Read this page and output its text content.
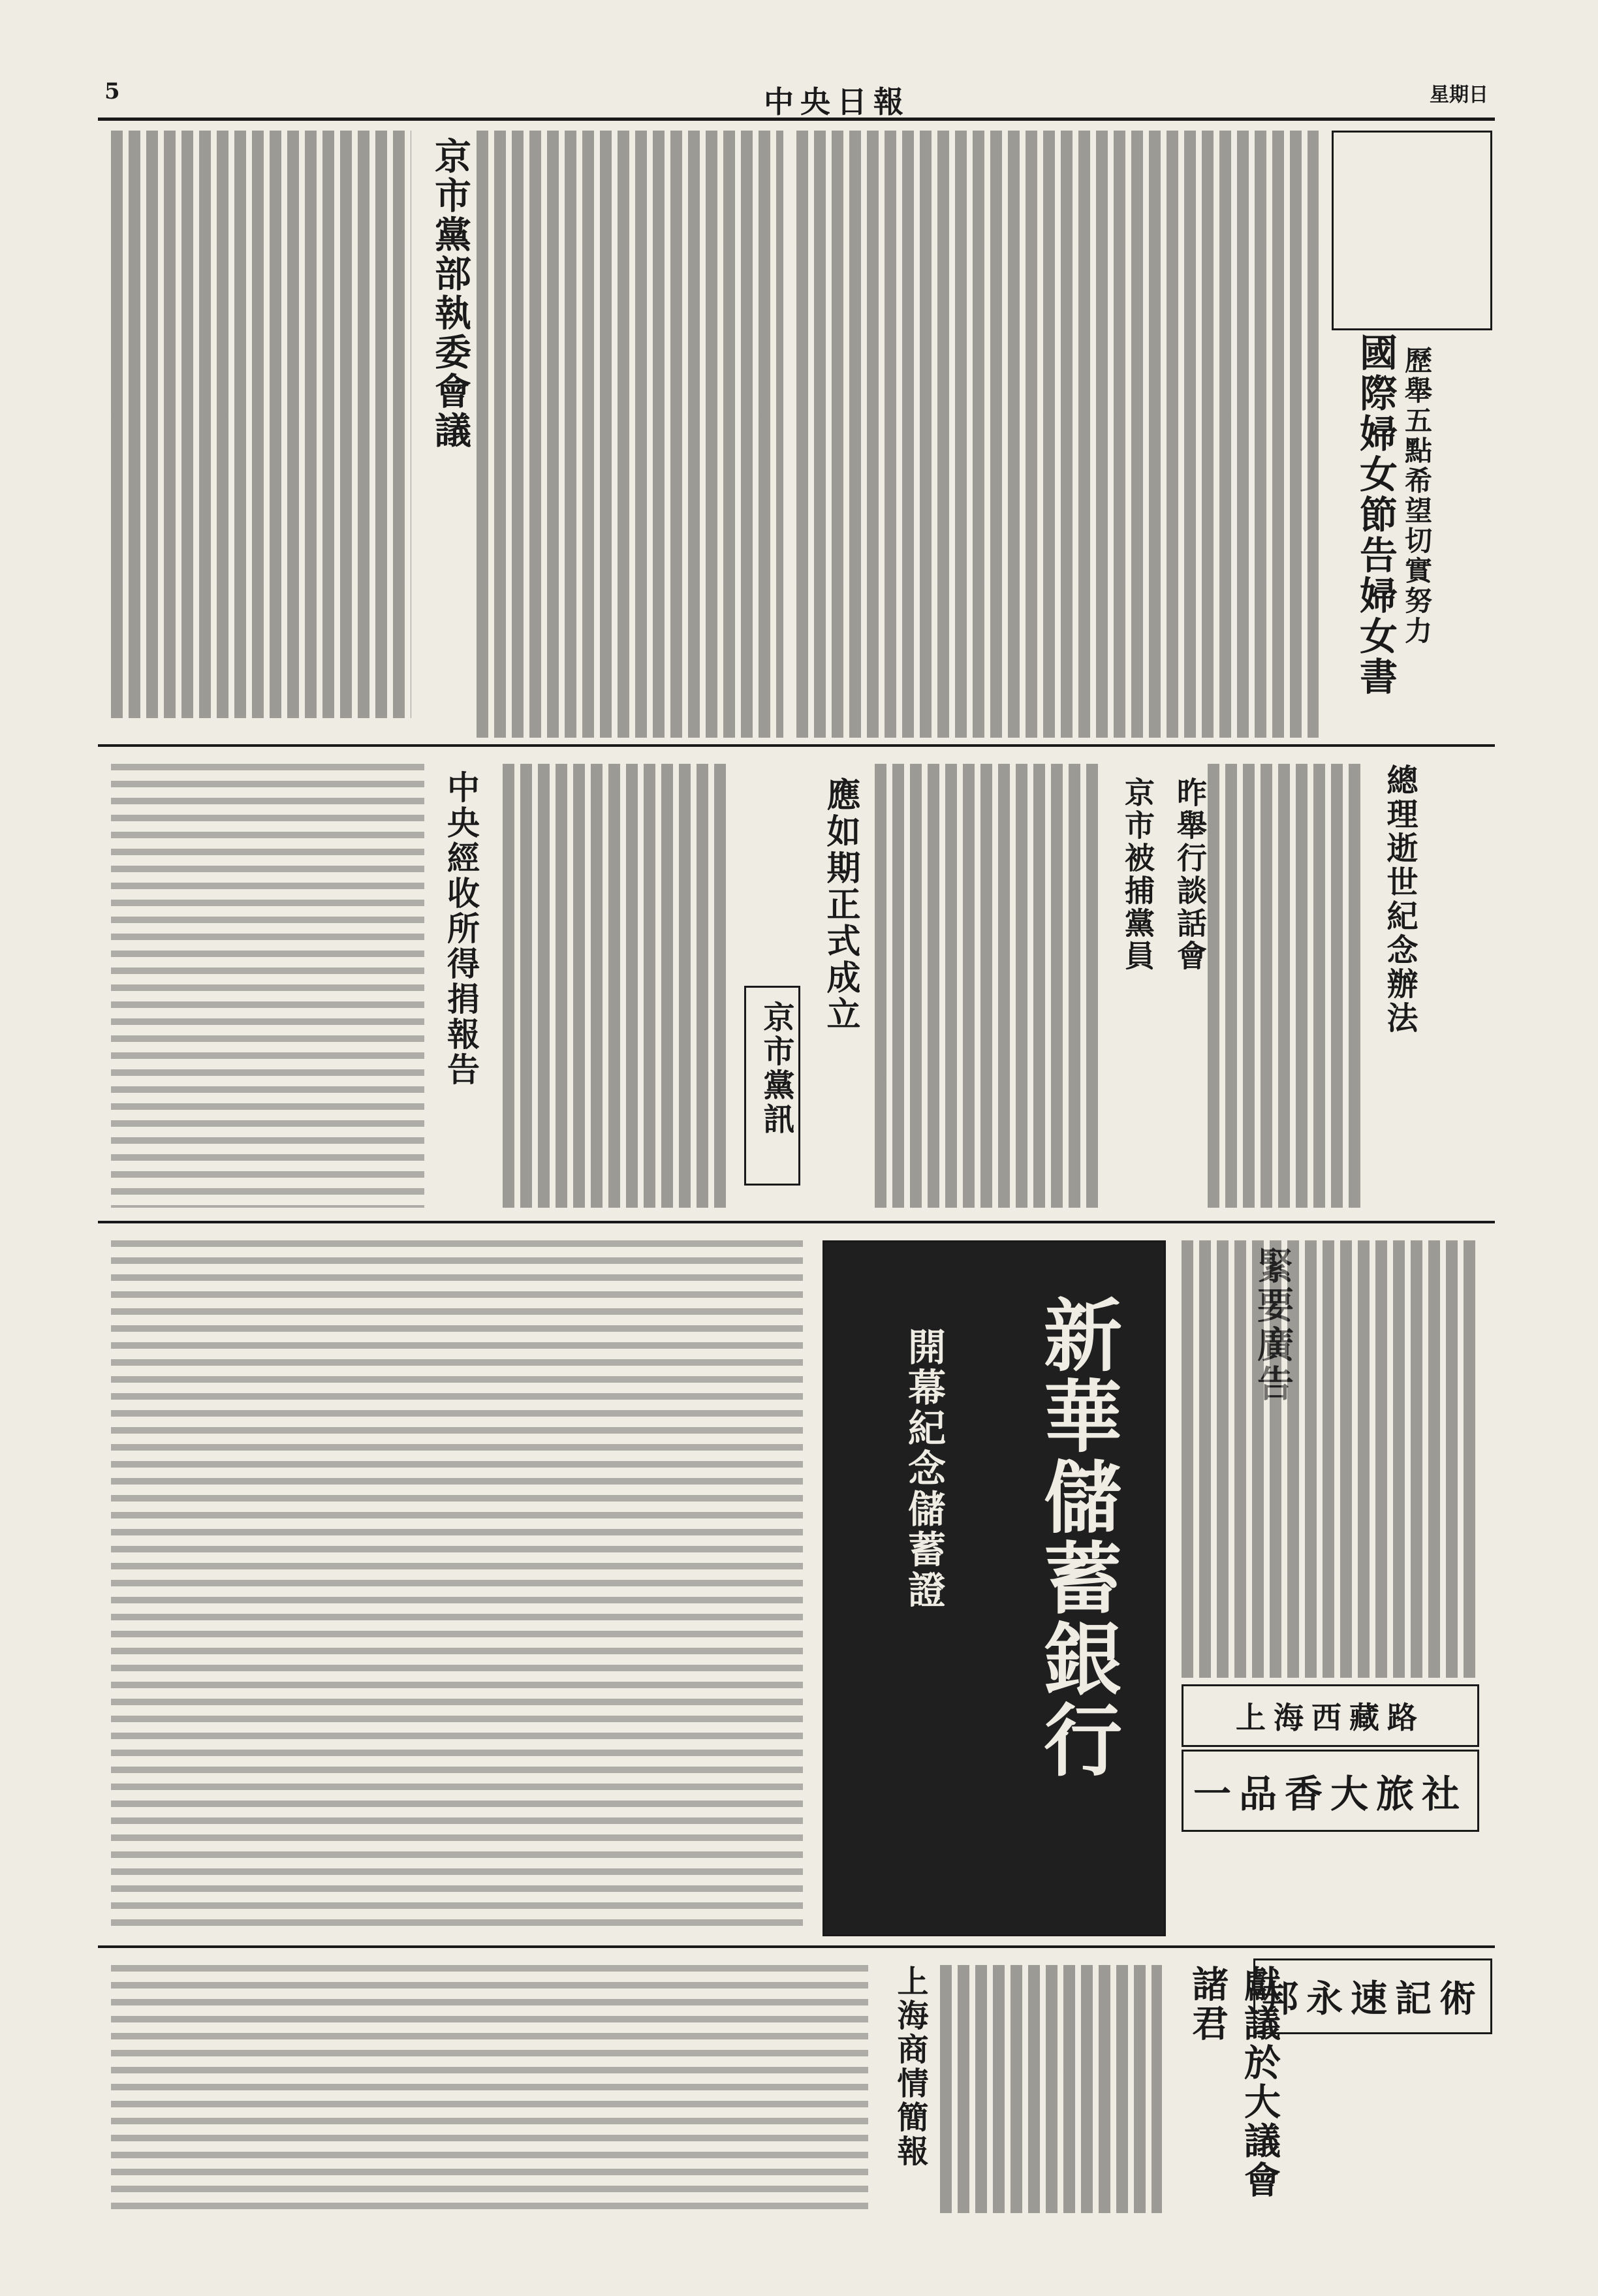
5	中央日報	星期日
國際婦女節告婦女書 歷舉五點希望切實努力
京市黨部執委會議
總理逝世紀念辦法
昨舉行談話會
京市被捕黨員
應如期正式成立
京市黨訊
中央經收所得捐報告
新華儲蓄銀行
開幕紀念儲蓄證
緊要廣告
上海西藏路
一品香大旅社
邦永速記術
獻議於大議會諸君
上海商情簡報
